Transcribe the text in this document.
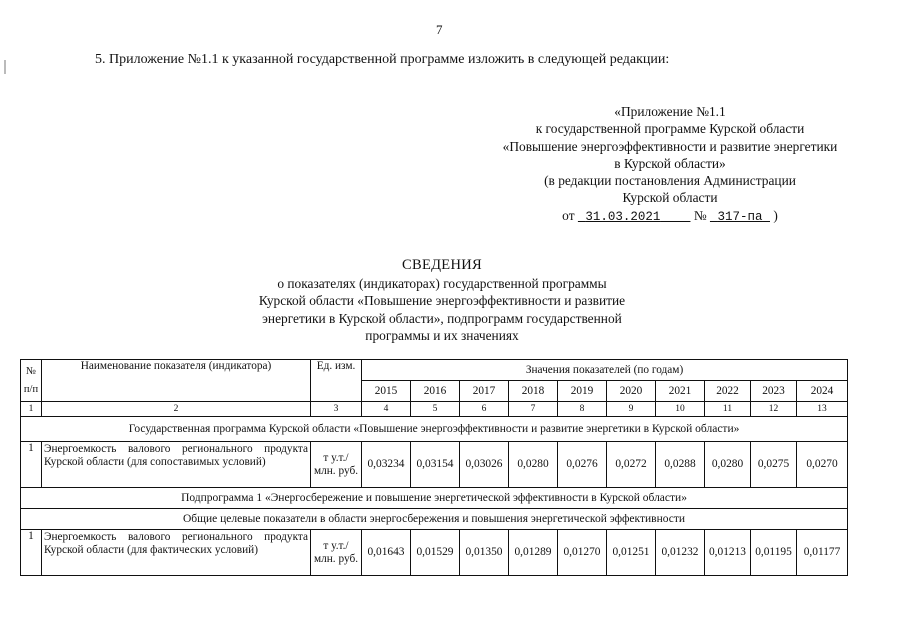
7
5. Приложение №1.1 к указанной государственной программе изложить в следующей редакции:
«Приложение №1.1
к государственной программе Курской области
«Повышение энергоэффективности и развитие энергетики
в Курской области»
(в редакции постановления Администрации
Курской области
от 31.03.2021 № 317-па )
СВЕДЕНИЯ
о показателях (индикаторах) государственной программы
Курской области «Повышение энергоэффективности и развитие
энергетики в Курской области», подпрограмм государственной
программы и их значениях
№ п/п	Наименование показателя (индикатора)	Ед. изм.	Значения показателей (по годам)									
			2015	2016	2017	2018	2019	2020	2021	2022	2023	2024
1	2	3	4	5	6	7	8	9	10	11	12	13
Государственная программа Курской области «Повышение энергоэффективности и развитие энергетики в Курской области»												
1	Энергоемкость валового регионального продукта Курской области (для сопоставимых условий)	т у.т./млн. руб.	0,03234	0,03154	0,03026	0,0280	0,0276	0,0272	0,0288	0,0280	0,0275	0,0270
Подпрограмма 1 «Энергосбережение и повышение энергетической эффективности в Курской области»												
Общие целевые показатели в области энергосбережения и повышения энергетической эффективности												
1	Энергоемкость валового регионального продукта Курской области (для фактических условий)	т у.т./млн. руб.	0,01643	0,01529	0,01350	0,01289	0,01270	0,01251	0,01232	0,01213	0,01195	0,01177
